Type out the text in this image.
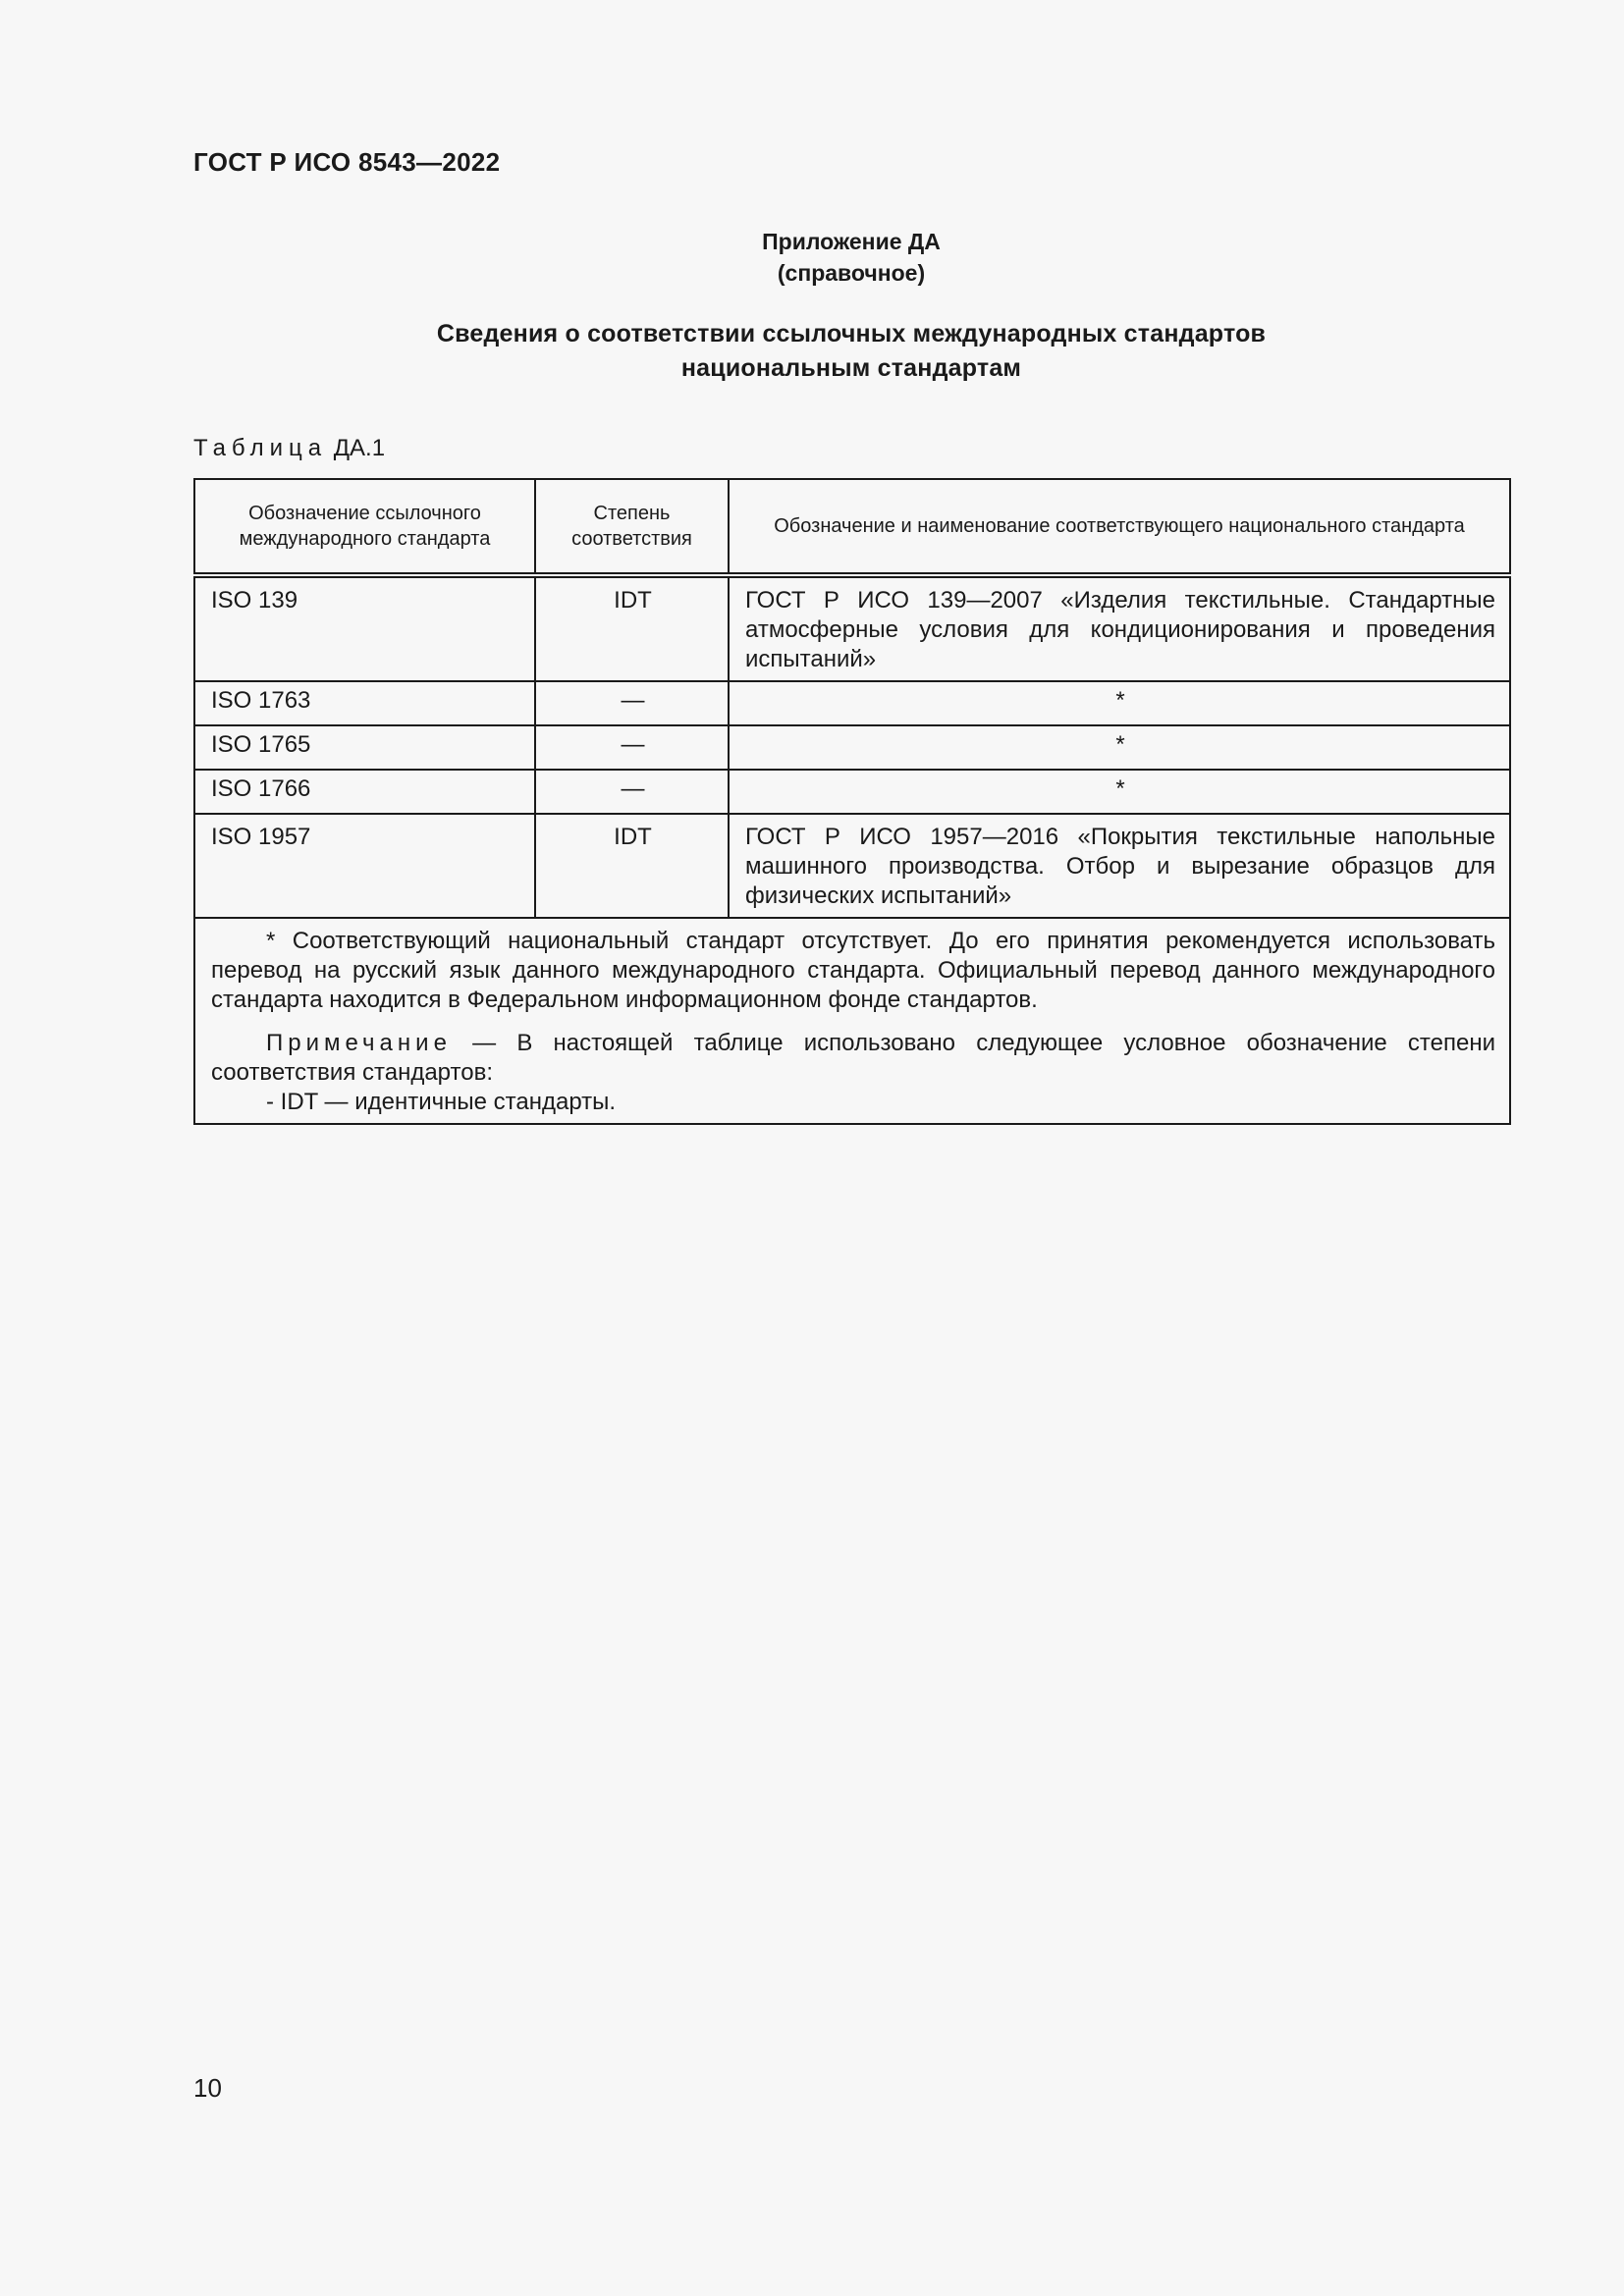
ГОСТ Р ИСО 8543—2022
Приложение ДА
(справочное)
Сведения о соответствии ссылочных международных стандартов
национальным стандартам
Таблица ДА.1
Обозначение ссылочного международного стандарта	Степень соответствия	Обозначение и наименование соответствующего национального стандарта
ISO 139	IDT	ГОСТ Р ИСО 139—2007 «Изделия текстильные. Стандартные атмосферные условия для кондиционирования и проведения испытаний»
ISO 1763	—	*
ISO 1765	—	*
ISO 1766	—	*
ISO 1957	IDT	ГОСТ Р ИСО 1957—2016 «Покрытия текстильные напольные машинного производства. Отбор и вырезание образцов для физических испытаний»

* Соответствующий национальный стандарт отсутствует. До его принятия рекомендуется использовать перевод на русский язык данного международного стандарта. Официальный перевод данного международного стандарта находится в Федеральном информационном фонде стандартов.

Примечание — В настоящей таблице использовано следующее условное обозначение степени соответствия стандартов:

- IDT — идентичные стандарты.		

10
